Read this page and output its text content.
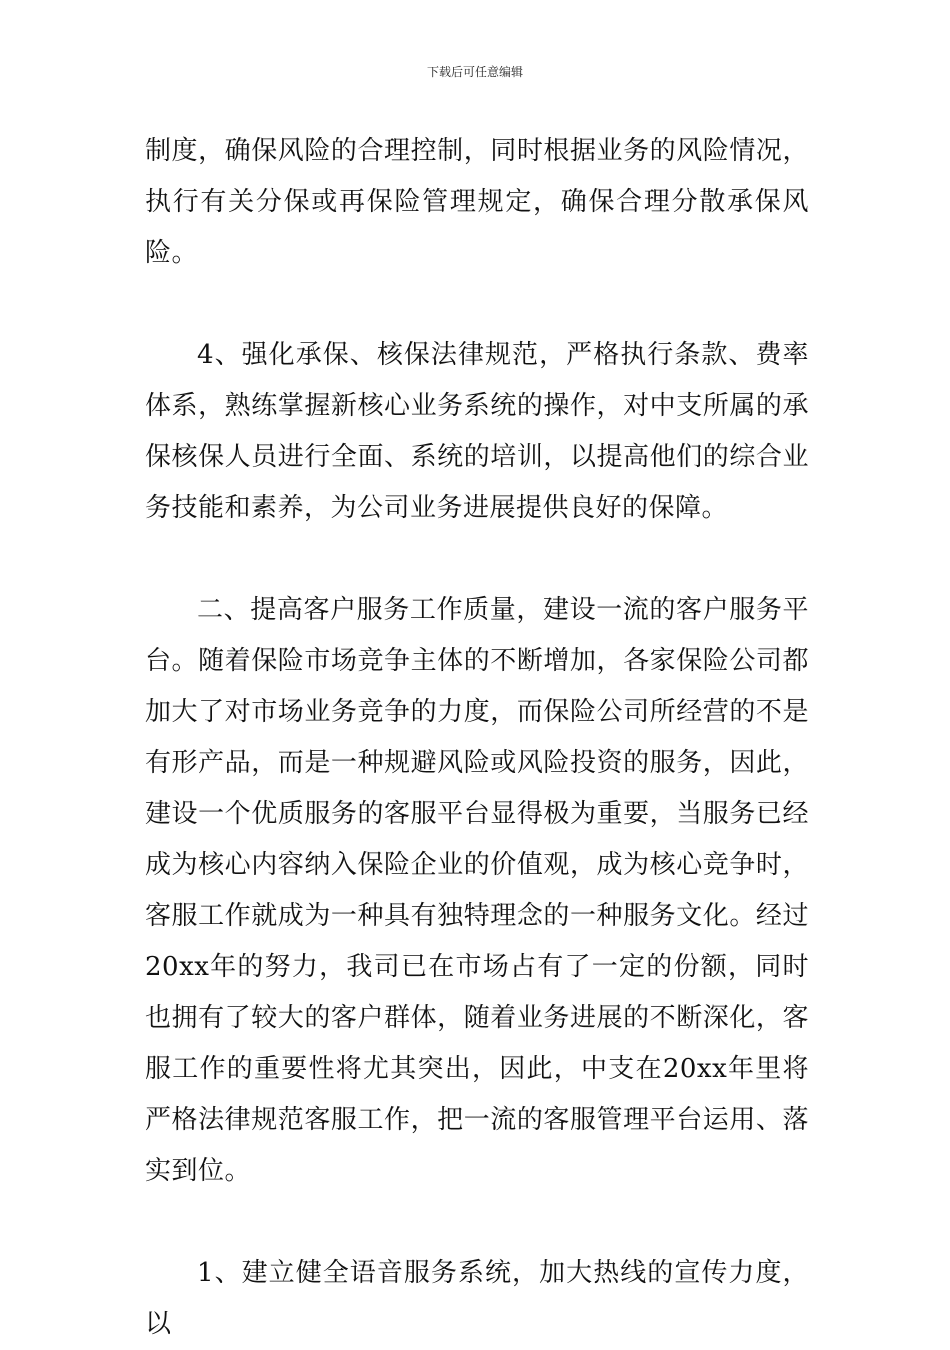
下载后可任意编辑

制度，确保风险的合理控制，同时根据业务的风险情况，执行有关分保或再保险管理规定，确保合理分散承保风险。

4、强化承保、核保法律规范，严格执行条款、费率体系，熟练掌握新核心业务系统的操作，对中支所属的承保核保人员进行全面、系统的培训，以提高他们的综合业务技能和素养，为公司业务进展提供良好的保障。

二、提高客户服务工作质量，建设一流的客户服务平台。随着保险市场竞争主体的不断增加，各家保险公司都加大了对市场业务竞争的力度，而保险公司所经营的不是有形产品，而是一种规避风险或风险投资的服务，因此，建设一个优质服务的客服平台显得极为重要，当服务已经成为核心内容纳入保险企业的价值观，成为核心竞争时，客服工作就成为一种具有独特理念的一种服务文化。经过20xx年的努力，我司已在市场占有了一定的份额，同时也拥有了较大的客户群体，随着业务进展的不断深化，客服工作的重要性将尤其突出，因此，中支在20xx年里将严格法律规范客服工作，把一流的客服管理平台运用、落实到位。

1、建立健全语音服务系统，加大热线的宣传力度，以
